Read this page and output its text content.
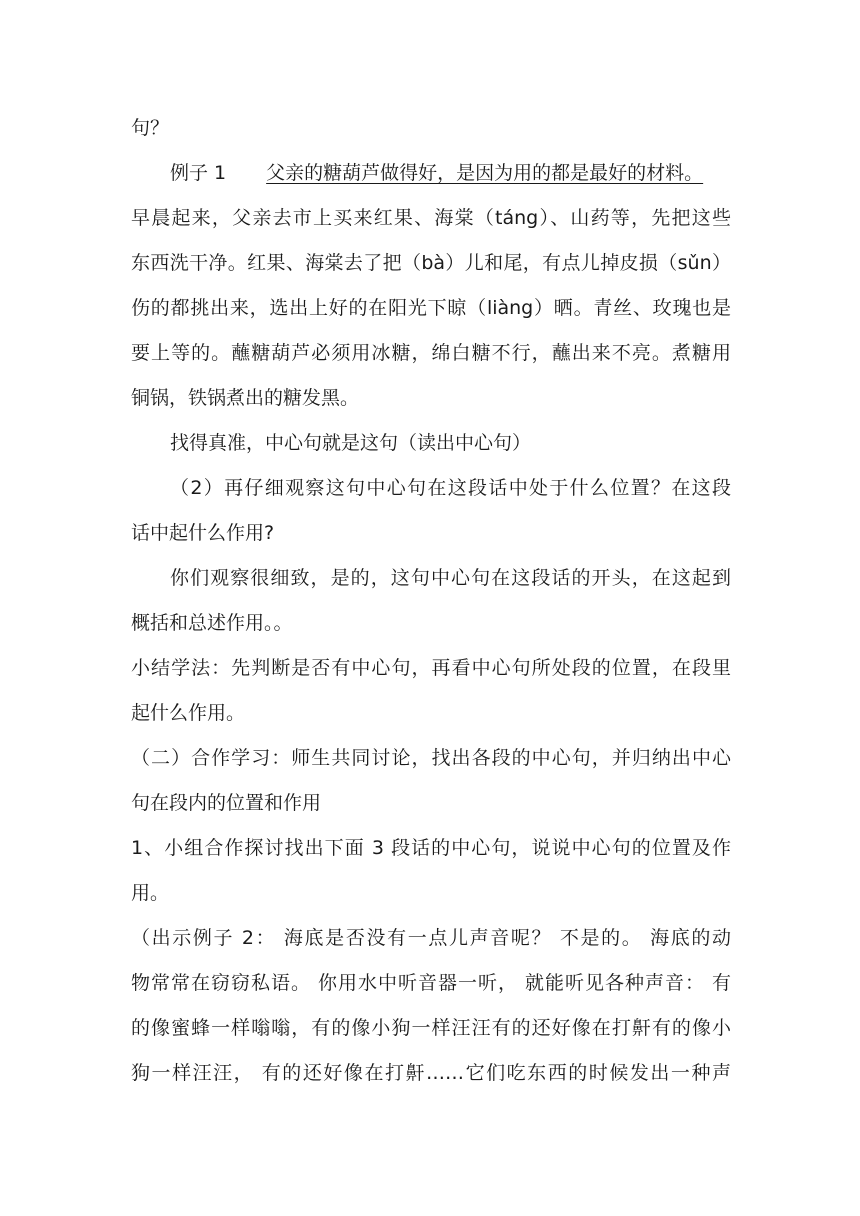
句？
例子 1 父亲的糖葫芦做得好，是因为用的都是最好的材料。
早晨起来，父亲去市上买来红果、海棠（táng）、山药等，先把这些
东西洗干净。红果、海棠去了把（bà）儿和尾，有点儿掉皮损（sǔn）
伤的都挑出来，选出上好的在阳光下晾（liàng）晒。青丝、玫瑰也是
要上等的。蘸糖葫芦必须用冰糖，绵白糖不行，蘸出来不亮。煮糖用
铜锅，铁锅煮出的糖发黑。
找得真准，中心句就是这句（读出中心句）
（2）再仔细观察这句中心句在这段话中处于什么位置？在这段
话中起什么作用?
你们观察很细致，是的，这句中心句在这段话的开头，在这起到
概括和总述作用。。
小结学法：先判断是否有中心句，再看中心句所处段的位置，在段里
起什么作用。
（二）合作学习：师生共同讨论，找出各段的中心句，并归纳出中心
句在段内的位置和作用
1、小组合作探讨找出下面 3 段话的中心句，说说中心句的位置及作
用。
（出示例子 2： 海底是否没有一点儿声音呢？ 不是的。 海底的动
物常常在窃窃私语。 你用水中听音器一听， 就能听见各种声音： 有
的像蜜蜂一样嗡嗡，有的像小狗一样汪汪有的还好像在打鼾有的像小
狗一样汪汪， 有的还好像在打鼾……它们吃东西的时候发出一种声
